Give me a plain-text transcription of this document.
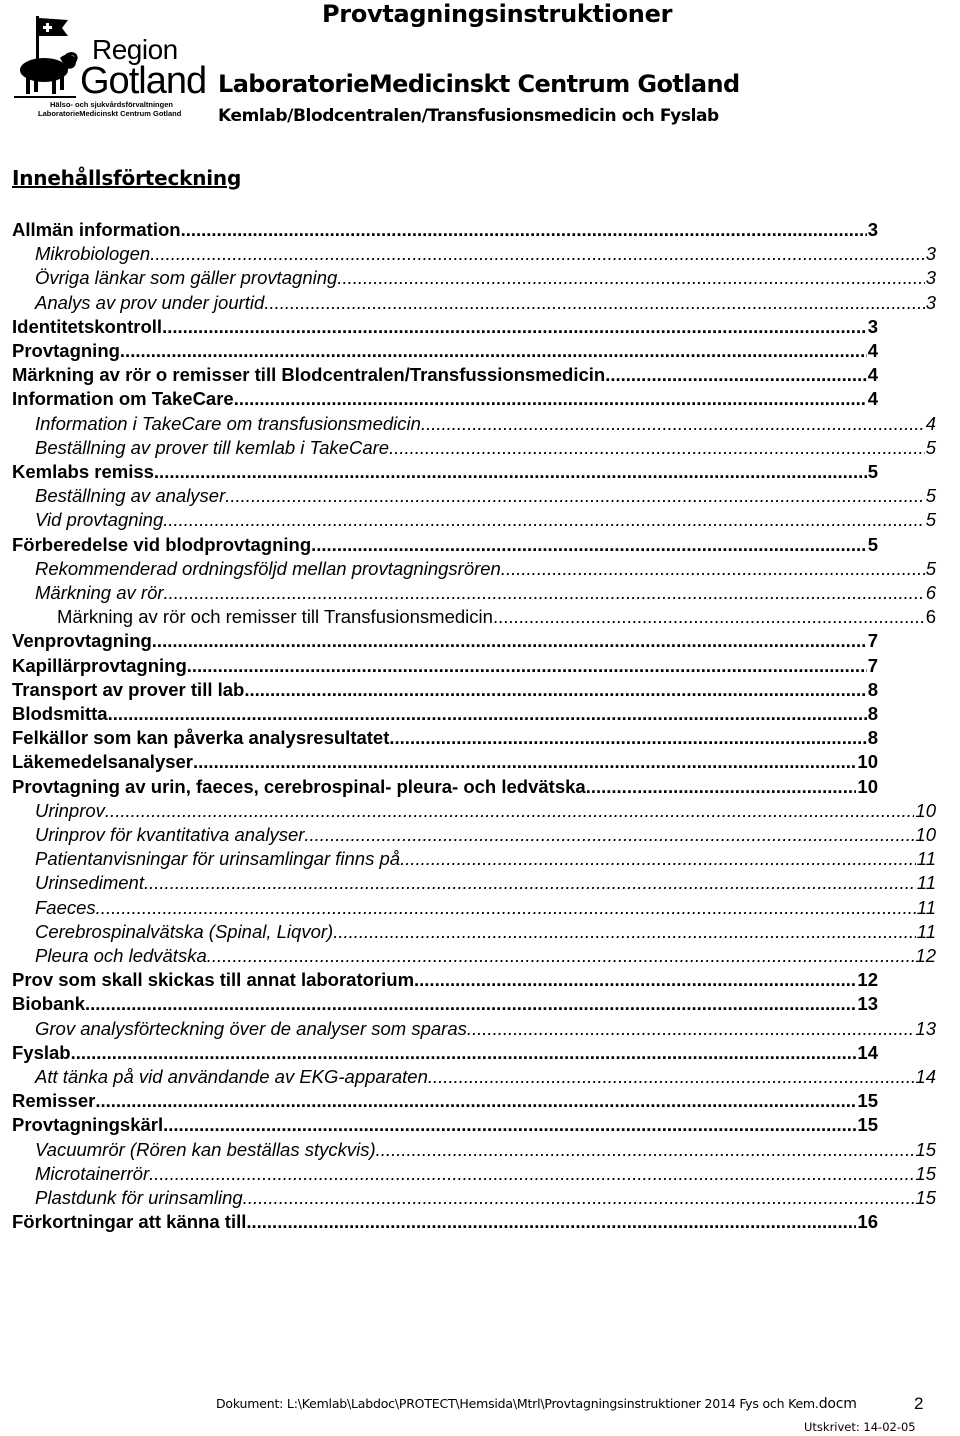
Region
Gotland
Hälso- och sjukvårdsförvaltningen
LaboratorieMedicinskt Centrum Gotland
Provtagningsinstruktioner
LaboratorieMedicinskt Centrum Gotland
Kemlab/Blodcentralen/Transfusionsmedicin och Fyslab
Innehållsförteckning
Allmän information .....	3
Mikrobiologen .....	3
Övriga länkar som gäller provtagning .....	3
Analys av prov under jourtid .....	3
Identitetskontroll .....	3
Provtagning .....	4
Märkning av rör o remisser till Blodcentralen/Transfussionsmedicin .....	4
Information om TakeCare. .....	4
Information i TakeCare om transfusionsmedicin .....	4
Beställning av prover till kemlab i TakeCare .....	5
Kemlabs remiss .....	5
Beställning av analyser .....	5
Vid provtagning .....	5
Förberedelse vid blodprovtagning .....	5
Rekommenderad ordningsföljd mellan provtagningsrören. .....	5
Märkning av rör .....	6
Märkning av rör och remisser till Transfusionsmedicin .....	6
Venprovtagning .....	7
Kapillärprovtagning .....	7
Transport av prover till lab. .....	8
Blodsmitta .....	8
Felkällor som kan påverka analysresultatet .....	8
Läkemedelsanalyser .....	10
Provtagning av urin, faeces, cerebrospinal- pleura- och ledvätska .....	10
Urinprov .....	10
Urinprov för kvantitativa analyser .....	10
Patientanvisningar för urinsamlingar finns på .....	11
Urinsediment .....	11
Faeces .....	11
Cerebrospinalvätska (Spinal, Liqvor) .....	11
Pleura och ledvätska .....	12
Prov som skall skickas till annat laboratorium .....	12
Biobank .....	13
Grov analysförteckning över de analyser som sparas .....	13
Fyslab .....	14
Att tänka på vid användande av EKG-apparaten .....	14
Remisser .....	15
Provtagningskärl .....	15
Vacuumrör (Rören kan beställas styckvis) .....	15
Microtainerrör .....	15
Plastdunk för urinsamling .....	15
Förkortningar att känna till .....	16
Dokument: L:\Kemlab\Labdoc\PROTECT\Hemsida\Mtrl\Provtagningsinstruktioner 2014 Fys och Kem.docm	2
Utskrivet: 14-02-05
